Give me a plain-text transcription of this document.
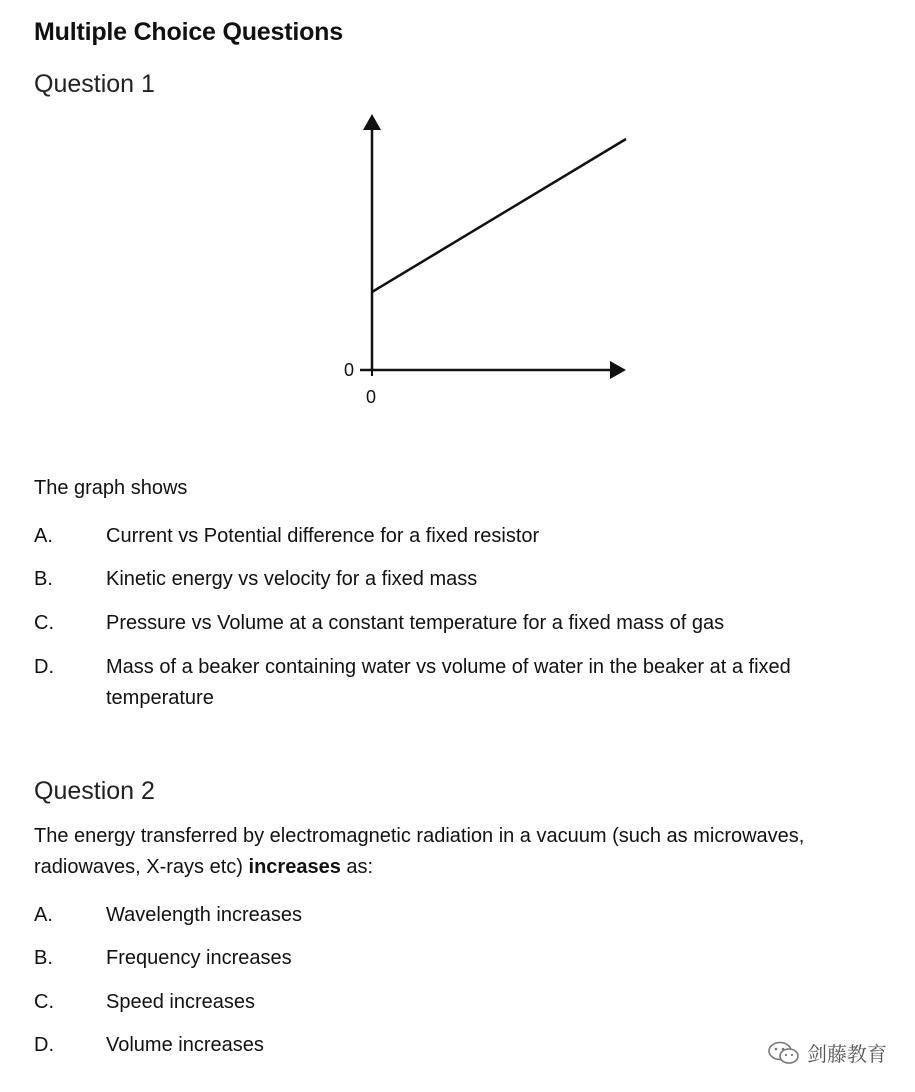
Multiple Choice Questions
Question 1
0
0
The graph shows
A.	Current vs Potential difference for a fixed resistor
B.	Kinetic energy vs velocity for a fixed mass
C.	Pressure vs Volume at a constant temperature for a fixed mass of gas
D.	Mass of a beaker containing water vs volume of water in the beaker at a fixed temperature
Question 2
The energy transferred by electromagnetic radiation in a vacuum (such as microwaves, radiowaves, X-rays etc) increases as:
A.	Wavelength increases
B.	Frequency increases
C.	Speed increases
D.	Volume increases	剑藤教育
